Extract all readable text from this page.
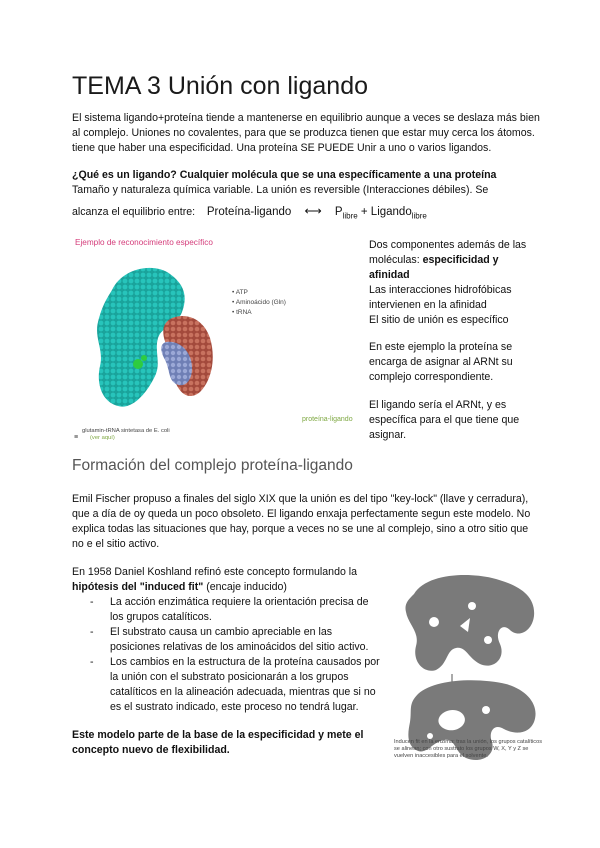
TEMA 3 Unión con ligando

El sistema ligando+proteína tiende a mantenerse en equilibrio aunque a veces se deslaza más bien al complejo. Uniones no covalentes, para que se produzca tienen que estar muy cerca los átomos. tiene que haber una especificidad. Una proteína SE PUEDE Unir a uno o varios ligandos.

¿Qué es un ligando? Cualquier molécula que se una específicamente a una proteína

Tamaño y naturaleza química variable. La unión es reversible (Interacciones débiles). Se

alcanza el equilibrio entre: Proteína-ligando ⟷ $P_{libre}$ + Ligando$_{libre}$

Ejemplo de reconocimiento específico
• ATP
• Aminoácido (Gln)
• tRNA
proteína-ligando
glutamin-tRNA sintetasa de E. coli
(ver aquí)
≡
Dos componentes además de las moléculas: especificidad y afinidad
Las interacciones hidrofóbicas intervienen en la afinidad
El sitio de unión es específico
En este ejemplo la proteína se encarga de asignar al ARNt su complejo correspondiente.
El ligando sería el ARNt, y es específica para el que tiene que asignar.
Formación del complejo proteína-ligando

Emil Fischer propuso a finales del siglo XIX que la unión es del tipo "key-lock" (llave y cerradura), que a día de oy queda un poco obsoleto. El ligando enxaja perfectamente segun este modelo. No explica todas las situaciones que hay, porque a veces no se une al complejo, sino a otro sitio que no e el sitio activo.

En 1958 Daniel Koshland refinó este concepto formulando la hipótesis del "induced fit" (encaje inducido)

- La acción enzimática requiere la orientación precisa de los grupos catalíticos.
- El substrato causa un cambio apreciable en las posiciones relativas de los aminoácidos del sitio activo.
- Los cambios en la estructura de la proteína causados por la unión con el substrato posicionarán a los grupos catalíticos en la alineación adecuada, mientras que si no es el sustrato indicado, este proceso no tendrá lugar.

Este modelo parte de la base de la especificidad y mete el concepto nuevo de flexibilidad.

Inducen fit en la enzima: tras la unión, los grupos catalíticos se alinean; con otro sustrato los grupos W, X, Y y Z se vuelven inaccesibles para el solvente.
